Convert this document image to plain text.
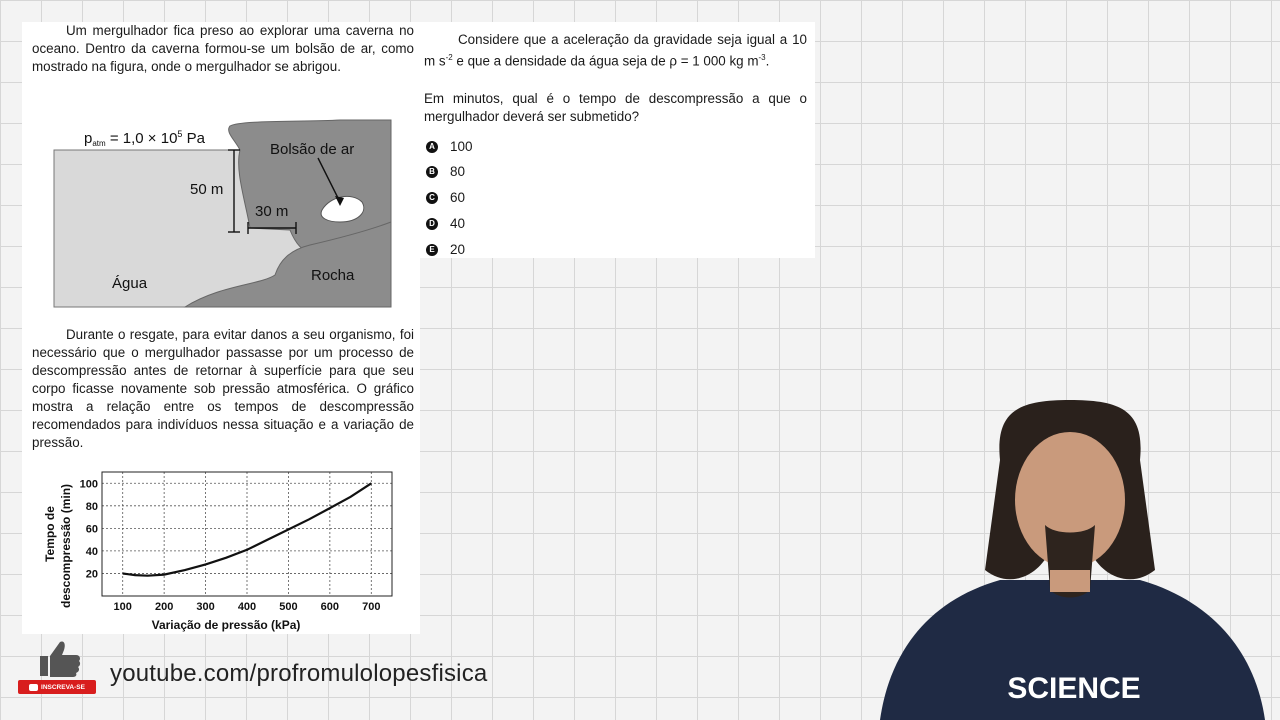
Um mergulhador fica preso ao explorar uma caverna no oceano. Dentro da caverna formou-se um bolsão de ar, como mostrado na figura, onde o mergulhador se abrigou.

$p_{atm} = 1,0 \times 10^5$ Pa
Bolsão de ar
50 m
30 m
Água	Rocha

Durante o resgate, para evitar danos a seu organismo, foi necessário que o mergulhador passasse por um processo de descompressão antes de retornar à superfície para que seu corpo ficasse novamente sob pressão atmosférica. O gráfico mostra a relação entre os tempos de descompressão recomendados para indivíduos nessa situação e a variação de pressão.

100 200 300 400 500 600 700
20
40
60
80
100
Variação de pressão (kPa)
Tempo de descompressão (min)

Considere que a aceleração da gravidade seja igual a 10 m $s^{-2}$ e que a densidade da água seja de ρ = 1 000 kg $m^{-3}$.

Em minutos, qual é o tempo de descompressão a que o mergulhador deverá ser submetido?

A 100
B 80
C 60
D 40
E 20
INSCREVA-SE youtube.com/profromulolopesfisica	SCIENCE
